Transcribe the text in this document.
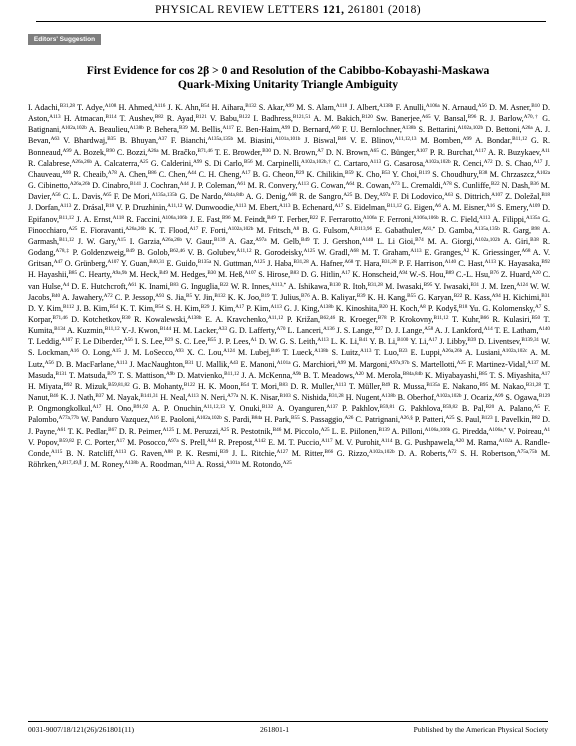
PHYSICAL REVIEW LETTERS 121, 261801 (2018)
Editors' Suggestion
First Evidence for cos 2β > 0 and Resolution of the Cabibbo-Kobayashi-Maskawa
Quark-Mixing Unitarity Triangle Ambiguity
I. Adachi,$^{B31,28}$ T. Adye,$^{A108}$ H. Ahmed,$^{A116}$ J. K. Ahn,$^{B54}$ H. Aihara,$^{B132}$ S. Akar,$^{A99}$ M. S. Alam,$^{A118}$ J. Albert,$^{A138b}$ F. Anulli,$^{A106a}$ N. Arnaud,$^{A56}$ D. M. Asner,$^{B10}$ D. Aston,$^{A113}$ H. Atmacan,$^{B114}$ T. Aushev,$^{B82}$ R. Ayad,$^{B121}$ V. Babu,$^{B122}$ I. Badhress,$^{B121,51}$ A. M. Bakich,$^{B120}$ Sw. Banerjee,$^{A65}$ V. Bansal,$^{B96}$ R. J. Barlow,$^{A70,\dagger}$ G. Batignani,$^{A102a,102b}$ A. Beaulieu,$^{A138b}$ P. Behera,$^{B39}$ M. Bellis,$^{A117}$ E. Ben-Haim,$^{A99}$ D. Bernard,$^{A60}$ F. U. Bernlochner,$^{A138b}$ S. Bettarini,$^{A102a,102b}$ D. Bettoni,$^{A26a}$ A. J. Bevan,$^{A63}$ V. Bhardwaj,$^{B35}$ B. Bhuyan,$^{A37}$ F. Bianchi,$^{A135a,135b}$ M. Biasini,$^{A101a,101b}$ J. Biswal,$^{B46}$ V. E. Blinov,$^{A11,12,13}$ M. Bomben,$^{A99}$ A. Bondar,$^{B11,12}$ G. R. Bonneaud,$^{A99}$ A. Bozek,$^{B90}$ C. Bozzi,$^{A26a}$ M. Bračko,$^{B71,46}$ T. E. Browder,$^{B30}$ D. N. Brown,$^{A7}$ D. N. Brown,$^{A65}$ C. Bünger,$^{A107}$ P. R. Burchat,$^{A117}$ A. R. Buzykaev,$^{A11}$ R. Calabrese,$^{A26a,26b}$ A. Calcaterra,$^{A25}$ G. Calderini,$^{A99}$ S. Di Carlo,$^{B56}$ M. Carpinelli,$^{A102a,102b,\dagger}$ C. Cartaro,$^{A113}$ G. Casarosa,$^{A102a,102b}$ R. Cenci,$^{A72}$ D. S. Chao,$^{A17}$ J. Chauveau,$^{A99}$ R. Cheaib,$^{A78}$ A. Chen,$^{B86}$ C. Chen,$^{A44}$ C. H. Cheng,$^{A17}$ B. G. Cheon,$^{B29}$ K. Chilikin,$^{B59}$ K. Cho,$^{B53}$ Y. Choi,$^{B119}$ S. Choudhury,$^{B38}$ M. Chrzaszcz,$^{A102a}$ G. Cibinetto,$^{A26a,26b}$ D. Cinabro,$^{B141}$ J. Cochran,$^{A44}$ J. P. Coleman,$^{A61}$ M. R. Convery,$^{A113}$ G. Cowan,$^{A64}$ R. Cowan,$^{A73}$ L. Cremaldi,$^{A78}$ S. Cunliffe,$^{B22}$ N. Dash,$^{B36}$ M. Davier,$^{A56}$ C. L. Davis,$^{A65}$ F. De Mori,$^{A135a,135b}$ G. De Nardo,$^{A84a,84b}$ A. G. Denig,$^{A68}$ R. de Sangro,$^{A25}$ B. Dey,$^{A97a}$ F. Di Lodovico,$^{A63}$ S. Dittrich,$^{A107}$ Z. Doležal,$^{B18}$ J. Dorfan,$^{A113}$ Z. Drásal,$^{B18}$ V. P. Druzhinin,$^{A11,12}$ W. Dunwoodie,$^{A113}$ M. Ebert,$^{A113}$ B. Echenard,$^{A17}$ S. Eidelman,$^{B11,12}$ G. Eigen,$^{A6}$ A. M. Eisner,$^{A16}$ S. Emery,$^{A109}$ D. Epifanov,$^{B11,12}$ J. A. Ernst,$^{A118}$ R. Faccini,$^{A106a,106b}$ J. E. Fast,$^{B96}$ M. Feindt,$^{B49}$ T. Ferber,$^{B22}$ F. Ferrarotto,$^{A106a}$ F. Ferroni,$^{A106a,106b}$ R. C. Field,$^{A113}$ A. Filippi,$^{A135a}$ G. Finocchiaro,$^{A25}$ E. Fioravanti,$^{A26a,26b}$ K. T. Flood,$^{A17}$ F. Forti,$^{A102a,102b}$ M. Fritsch,$^{A8}$ B. G. Fulsom,$^{A,B113,96}$ E. Gabathuler,$^{A61,*}$ D. Gamba,$^{A135a,135b}$ R. Garg,$^{B98}$ A. Garmash,$^{B11,12}$ J. W. Gary,$^{A15}$ I. Garzia,$^{A26a,26b}$ V. Gaur,$^{B139}$ A. Gaz,$^{A97a}$ M. Gelb,$^{B49}$ T. J. Gershon,$^{A140}$ L. Li Gioi,$^{B74}$ M. A. Giorgi,$^{A102a,102b}$ A. Giri,$^{B38}$ R. Godang,$^{A78,\ddagger}$ P. Goldenzweig,$^{B49}$ B. Golob,$^{B62,46}$ V. B. Golubev,$^{A11,12}$ R. Gorodeisky,$^{A125}$ W. Gradl,$^{A68}$ M. T. Graham,$^{A113}$ E. Granges,$^{A2}$ K. Griessinger,$^{A68}$ A. V. Gritsan,$^{A47}$ O. Grünberg,$^{A107}$ Y. Guan,$^{B40,31}$ E. Guido,$^{B135a}$ N. Guttman,$^{A125}$ J. Haba,$^{B31,28}$ A. Hafner,$^{A68}$ T. Hara,$^{B31,28}$ P. F. Harrison,$^{A140}$ C. Hast,$^{A113}$ K. Hayasaka,$^{B92}$ H. Hayashii,$^{B85}$ C. Hearty,$^{A9a,9b}$ M. Heck,$^{B49}$ M. Hedges,$^{B30}$ M. Heß,$^{A107}$ S. Hirose,$^{B83}$ D. G. Hitlin,$^{A17}$ K. Honscheid,$^{A94}$ W.-S. Hou,$^{B89}$ C.-L. Hsu,$^{B76}$ Z. Huard,$^{A20}$ C. van Hulse,$^{A4}$ D. E. Hutchcroft,$^{A61}$ K. Inami,$^{B83}$ G. Inguglia,$^{B22}$ W. R. Innes,$^{A113,*}$ A. Ishikawa,$^{B130}$ R. Itoh,$^{B31,28}$ M. Iwasaki,$^{B95}$ Y. Iwasaki,$^{B31}$ J. M. Izen,$^{A124}$ W. W. Jacobs,$^{B40}$ A. Jawahery,$^{A72}$ C. P. Jessop,$^{A93}$ S. Jia,$^{B5}$ Y. Jin,$^{B132}$ K. K. Joo,$^{B19}$ T. Julius,$^{B76}$ A. B. Kaliyar,$^{B39}$ K. H. Kang,$^{B55}$ G. Karyan,$^{B22}$ R. Kass,$^{A94}$ H. Kichimi,$^{B31}$ D. Y. Kim,$^{B112}$ J. B. Kim,$^{B54}$ K. T. Kim,$^{B54}$ S. H. Kim,$^{B29}$ J. Kim,$^{A17}$ P. Kim,$^{A113}$ G. J. King,$^{A138b}$ K. Kinoshita,$^{B20}$ H. Koch,$^{A8}$ P. Kodyš,$^{B18}$ Yu. G. Kolomensky,$^{A7}$ S. Korpar,$^{B71,46}$ D. Kotchetkov,$^{B30}$ R. Kowalewski,$^{A138b}$ E. A. Kravchenko,$^{A11,12}$ P. Križan,$^{B62,46}$ R. Kroeger,$^{B78}$ P. Krokovny,$^{B11,12}$ T. Kuhr,$^{B66}$ R. Kulasiri,$^{B50}$ T. Kumita,$^{B134}$ A. Kuzmin,$^{B11,12}$ Y.-J. Kwon,$^{B144}$ H. M. Lacker,$^{A33}$ G. D. Lafferty,$^{A70}$ L. Lanceri,$^{A136}$ J. S. Lange,$^{B27}$ D. J. Lange,$^{A58}$ A. J. Lankford,$^{A14}$ T. E. Latham,$^{A140}$ T. Leddig,$^{A107}$ F. Le Diberder,$^{A56}$ I. S. Lee,$^{B29}$ S. C. Lee,$^{B55}$ J. P. Lees,$^{A1}$ D. W. G. S. Leith,$^{A113}$ L. K. Li,$^{B41}$ Y. B. Li,$^{B100}$ Y. Li,$^{A17}$ J. Libby,$^{B39}$ D. Liventsev,$^{B139,31}$ W. S. Lockman,$^{A16}$ O. Long,$^{A15}$ J. M. LoSecco,$^{A93}$ X. C. Lou,$^{A124}$ M. Lubej,$^{B46}$ T. Lueck,$^{A138b}$ S. Luitz,$^{A113}$ T. Luo,$^{B23}$ E. Luppi,$^{A26a,26b}$ A. Lusiani,$^{A102a,102c}$ A. M. Lutz,$^{A56}$ D. B. MacFarlane,$^{A113}$ J. MacNaughton,$^{B31}$ U. Mallik,$^{A43}$ E. Manoni,$^{A101a}$ G. Marchiori,$^{A99}$ M. Margoni,$^{A97a,97b}$ S. Martellotti,$^{A25}$ F. Martinez-Vidal,$^{A137}$ M. Masuda,$^{B131}$ T. Matsuda,$^{B79}$ T. S. Mattison,$^{A9b}$ D. Matvienko,$^{B11,12}$ J. A. McKenna,$^{A9b}$ B. T. Meadows,$^{A20}$ M. Merola,$^{B84a,84b}$ K. Miyabayashi,$^{B85}$ T. S. Miyashita,$^{A17}$ H. Miyata,$^{B92}$ R. Mizuk,$^{B59,81,82}$ G. B. Mohanty,$^{B122}$ H. K. Moon,$^{B54}$ T. Mori,$^{B83}$ D. R. Muller,$^{A113}$ T. Müller,$^{B49}$ R. Mussa,$^{B135a}$ E. Nakano,$^{B95}$ M. Nakao,$^{B31,28}$ T. Nanut,$^{B46}$ K. J. Nath,$^{B37}$ M. Nayak,$^{B141,31}$ H. Neal,$^{A113}$ N. Neri,$^{A77a}$ N. K. Nisar,$^{B103}$ S. Nishida,$^{B31,28}$ H. Nugent,$^{A138b}$ B. Oberhof,$^{A102a,102b}$ J. Ocariz,$^{A99}$ S. Ogawa,$^{B129}$ P. Ongmongkolkul,$^{A17}$ H. Ono,$^{B91,92}$ A. P. Onuchin,$^{A11,12,13}$ Y. Onuki,$^{B132}$ A. Oyanguren,$^{A137}$ P. Pakhlov,$^{B59,81}$ G. Pakhlova,$^{B59,82}$ B. Pal,$^{B20}$ A. Palano,$^{A5}$ F. Palombo,$^{A77a,77b}$ W. Panduro Vazquez,$^{A16}$ E. Paoloni,$^{A102a,102b}$ S. Pardi,$^{B84a}$ H. Park,$^{B55}$ S. Passaggio,$^{A26}$ C. Patrignani,$^{A26,\S}$ P. Patteri,$^{A25}$ S. Paul,$^{B123}$ I. Pavelkin,$^{B82}$ D. J. Payne,$^{A61}$ T. K. Pedlar,$^{B67}$ D. R. Peimer,$^{A125}$ I. M. Peruzzi,$^{A25}$ R. Pestotnik,$^{B46}$ M. Piccolo,$^{A25}$ L. E. Piilonen,$^{B139}$ A. Pilloni,$^{A106a,106b}$ G. Piredda,$^{A106a,*}$ V. Poireau,$^{A1}$ V. Popov,$^{B59,82}$ F. C. Porter,$^{A17}$ M. Posocco,$^{A97a}$ S. Prell,$^{A44}$ R. Prepost,$^{A142}$ E. M. T. Puccio,$^{A117}$ M. V. Purohit,$^{A114}$ B. G. Pushpawela,$^{A20}$ M. Rama,$^{A102a}$ A. Randle-Conde,$^{A115}$ B. N. Ratcliff,$^{A113}$ G. Raven,$^{A88}$ P. K. Resmi,$^{B39}$ J. L. Ritchie,$^{A127}$ M. Ritter,$^{B66}$ G. Rizzo,$^{A102a,102b}$ D. A. Roberts,$^{A72}$ S. H. Robertson,$^{A75a,75b}$ M. Röhrken,$^{A,B17,49,\parallel}$ J. M. Roney,$^{A138b}$ A. Roodman,$^{A113}$ A. Rossi,$^{A101a}$ M. Rotondo,$^{A25}$
0031-9007/18/121(26)/261801(11)	261801-1	Published by the American Physical Society
